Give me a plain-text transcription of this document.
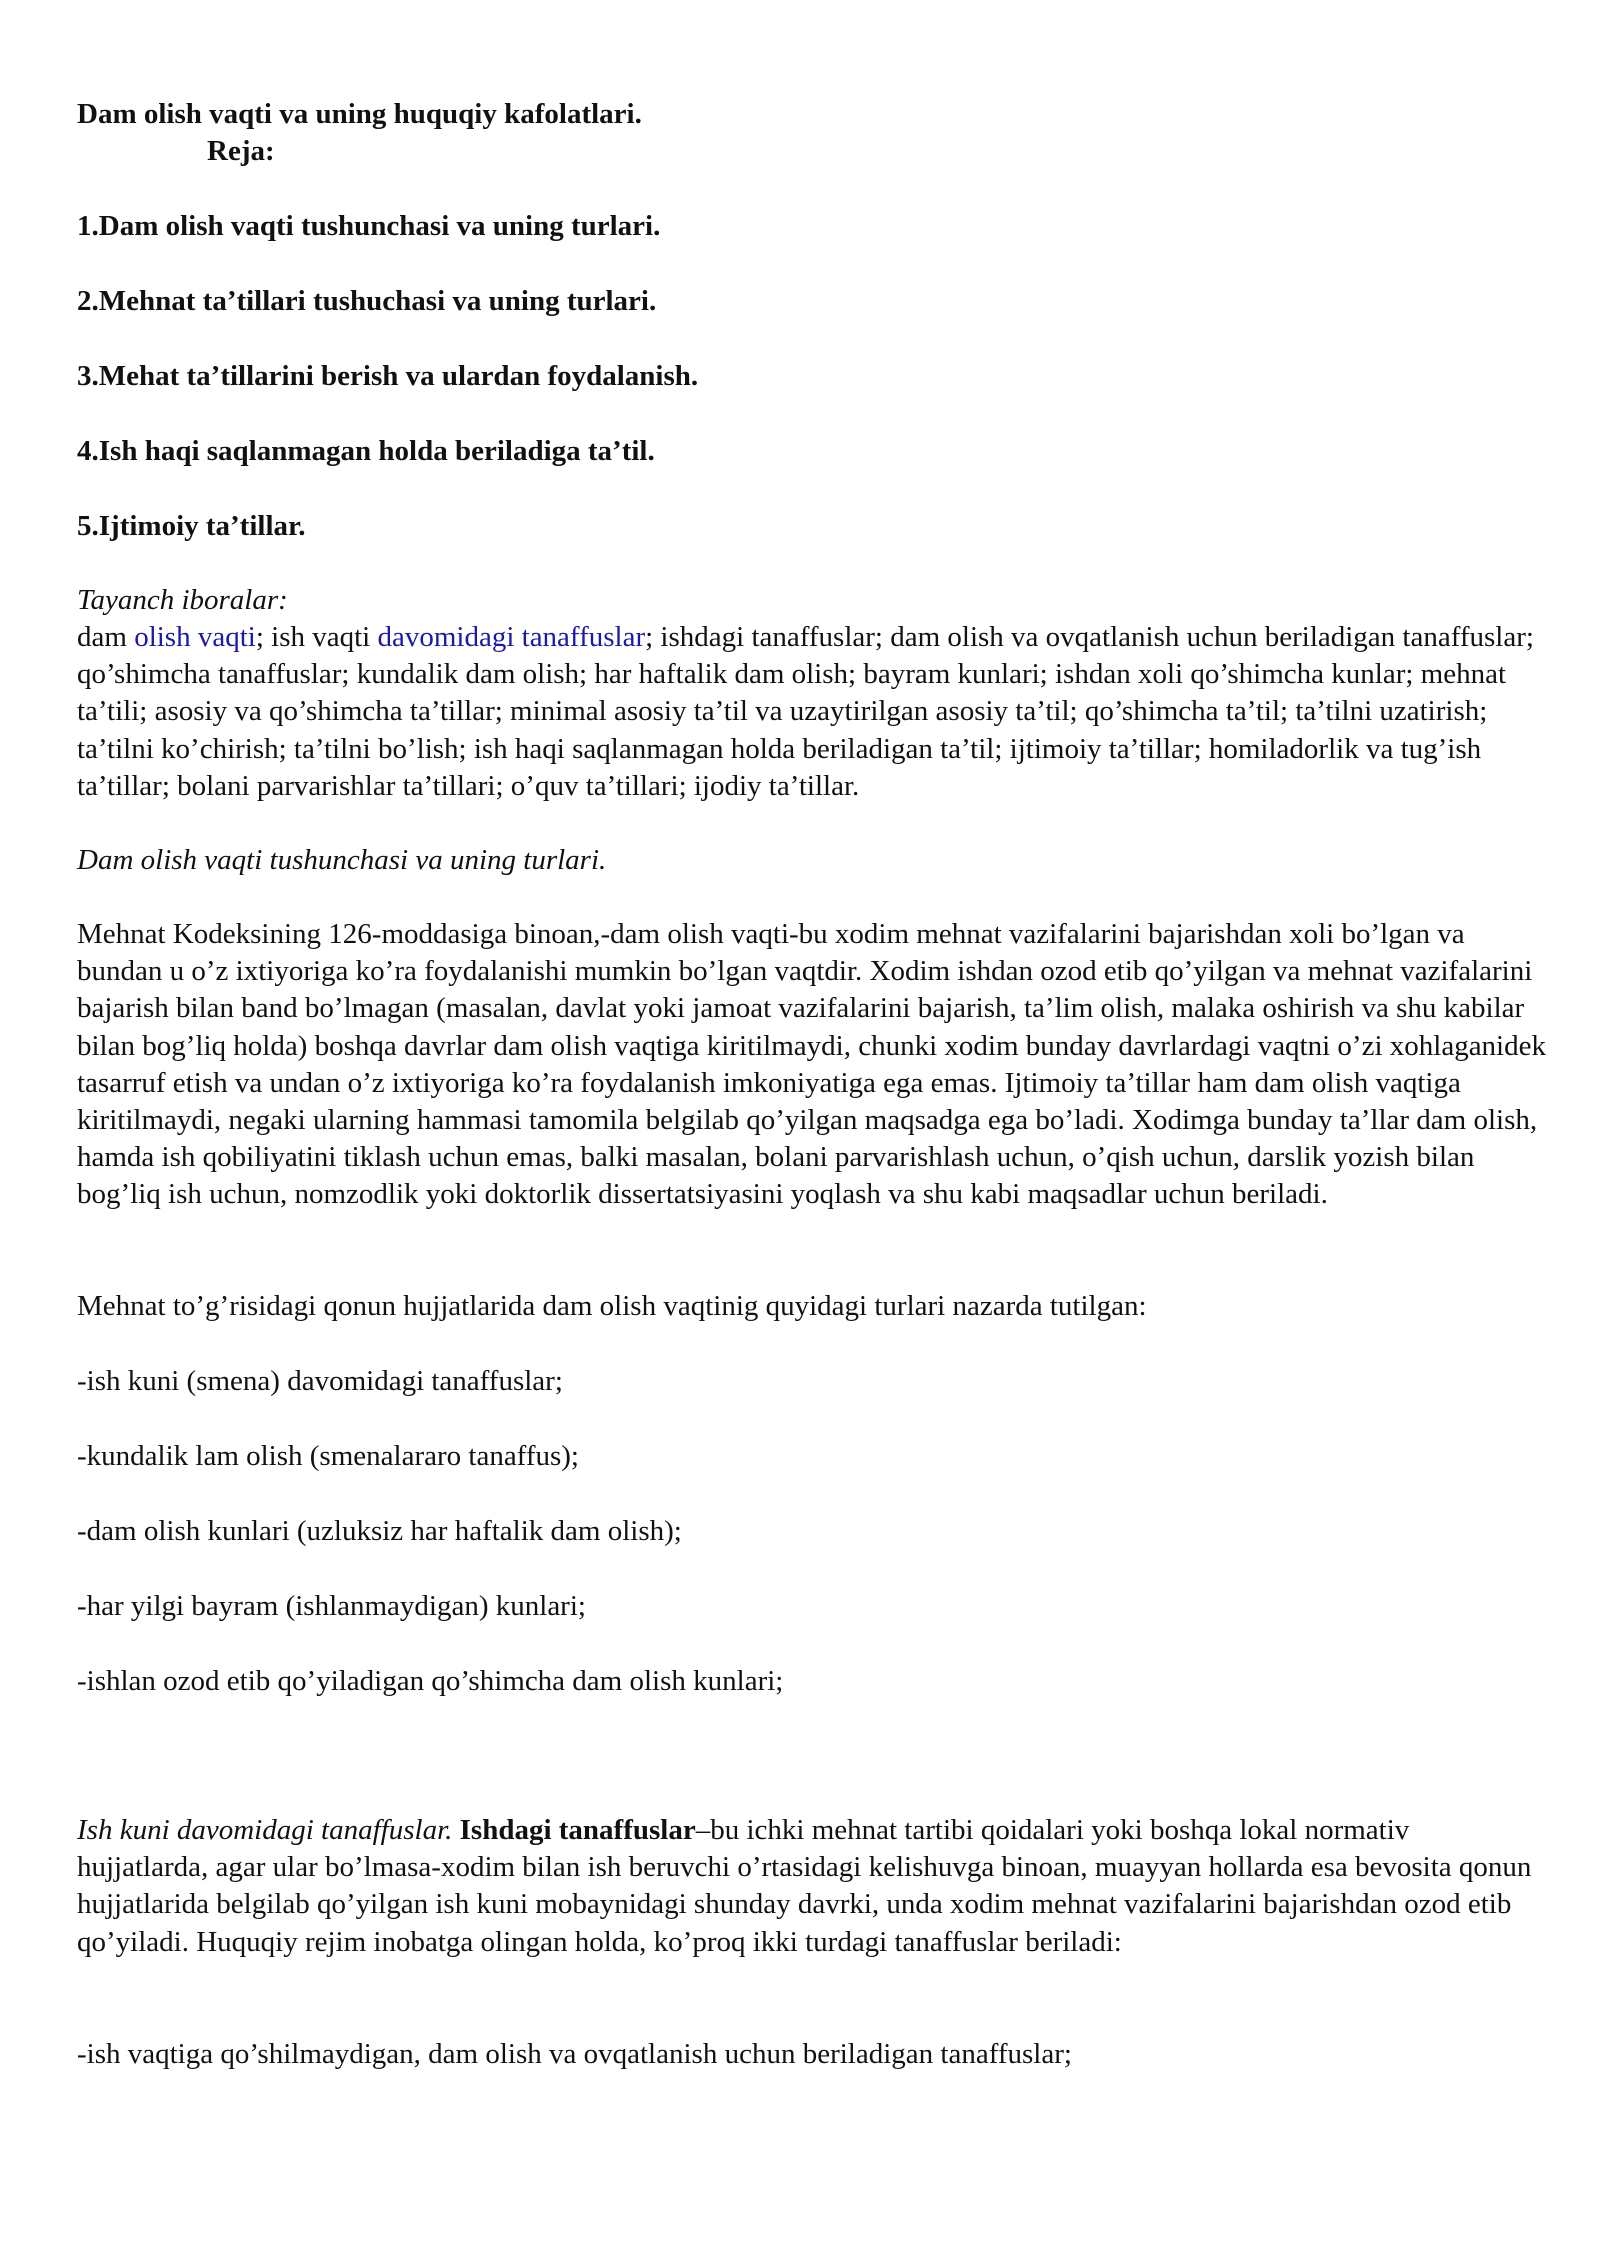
Dam olish vaqti va uning huquqiy kafolatlari.

Reja:

1.Dam olish vaqti tushunchasi va uning turlari.

2.Mehnat ta’tillari tushuchasi va uning turlari.

3.Mehat ta’tillarini berish va ulardan foydalanish.

4.Ish haqi saqlanmagan holda beriladiga ta’til.

5.Ijtimoiy ta’tillar.

Tayanch iboralar:

dam olish vaqti; ish vaqti davomidagi tanaffuslar; ishdagi tanaffuslar; dam olish va ovqatlanish uchun beriladigan tanaffuslar; qo’shimcha tanaffuslar; kundalik dam olish; har haftalik dam olish; bayram kunlari; ishdan xoli qo’shimcha kunlar; mehnat ta’tili; asosiy va qo’shimcha ta’tillar; minimal asosiy ta’til va uzaytirilgan asosiy ta’til; qo’shimcha ta’til; ta’tilni uzatirish; ta’tilni ko’chirish; ta’tilni bo’lish; ish haqi saqlanmagan holda beriladigan ta’til; ijtimoiy ta’tillar; homiladorlik va tug’ish ta’tillar; bolani parvarishlar ta’tillari; o’quv ta’tillari; ijodiy ta’tillar.

Dam olish vaqti tushunchasi va uning turlari.

Mehnat Kodeksining 126-moddasiga binoan,-dam olish vaqti-bu xodim mehnat vazifalarini bajarishdan xoli bo’lgan va bundan u o’z ixtiyoriga ko’ra foydalanishi mumkin bo’lgan vaqtdir. Xodim ishdan ozod etib qo’yilgan va mehnat vazifalarini bajarish bilan band bo’lmagan (masalan, davlat yoki jamoat vazifalarini bajarish, ta’lim olish, malaka oshirish va shu kabilar bilan bog’liq holda) boshqa davrlar dam olish vaqtiga kiritilmaydi, chunki xodim bunday davrlardagi vaqtni o’zi xohlaganidek tasarruf etish va undan o’z ixtiyoriga ko’ra foydalanish imkoniyatiga ega emas. Ijtimoiy ta’tillar ham dam olish vaqtiga kiritilmaydi, negaki ularning hammasi tamomila belgilab qo’yilgan maqsadga ega bo’ladi. Xodimga bunday ta’llar dam olish, hamda ish qobiliyatini tiklash uchun emas, balki masalan, bolani parvarishlash uchun, o’qish uchun, darslik yozish bilan bog’liq ish uchun, nomzodlik yoki doktorlik dissertatsiyasini yoqlash va shu kabi maqsadlar uchun beriladi.

Mehnat to’g’risidagi qonun hujjatlarida dam olish vaqtinig quyidagi turlari nazarda tutilgan:

-ish kuni (smena) davomidagi tanaffuslar;

-kundalik lam olish (smenalararo tanaffus);

-dam olish kunlari (uzluksiz har haftalik dam olish);

-har yilgi bayram (ishlanmaydigan) kunlari;

-ishlan ozod etib qo’yiladigan qo’shimcha dam olish kunlari;

Ish kuni davomidagi tanaffuslar. Ishdagi tanaffuslar–bu ichki mehnat tartibi qoidalari yoki boshqa lokal normativ hujjatlarda, agar ular bo’lmasa-xodim bilan ish beruvchi o’rtasidagi kelishuvga binoan, muayyan hollarda esa bevosita qonun hujjatlarida belgilab qo’yilgan ish kuni mobaynidagi shunday davrki, unda xodim mehnat vazifalarini bajarishdan ozod etib qo’yiladi. Huquqiy rejim inobatga olingan holda, ko’proq ikki turdagi tanaffuslar beriladi:

-ish vaqtiga qo’shilmaydigan, dam olish va ovqatlanish uchun beriladigan tanaffuslar;
